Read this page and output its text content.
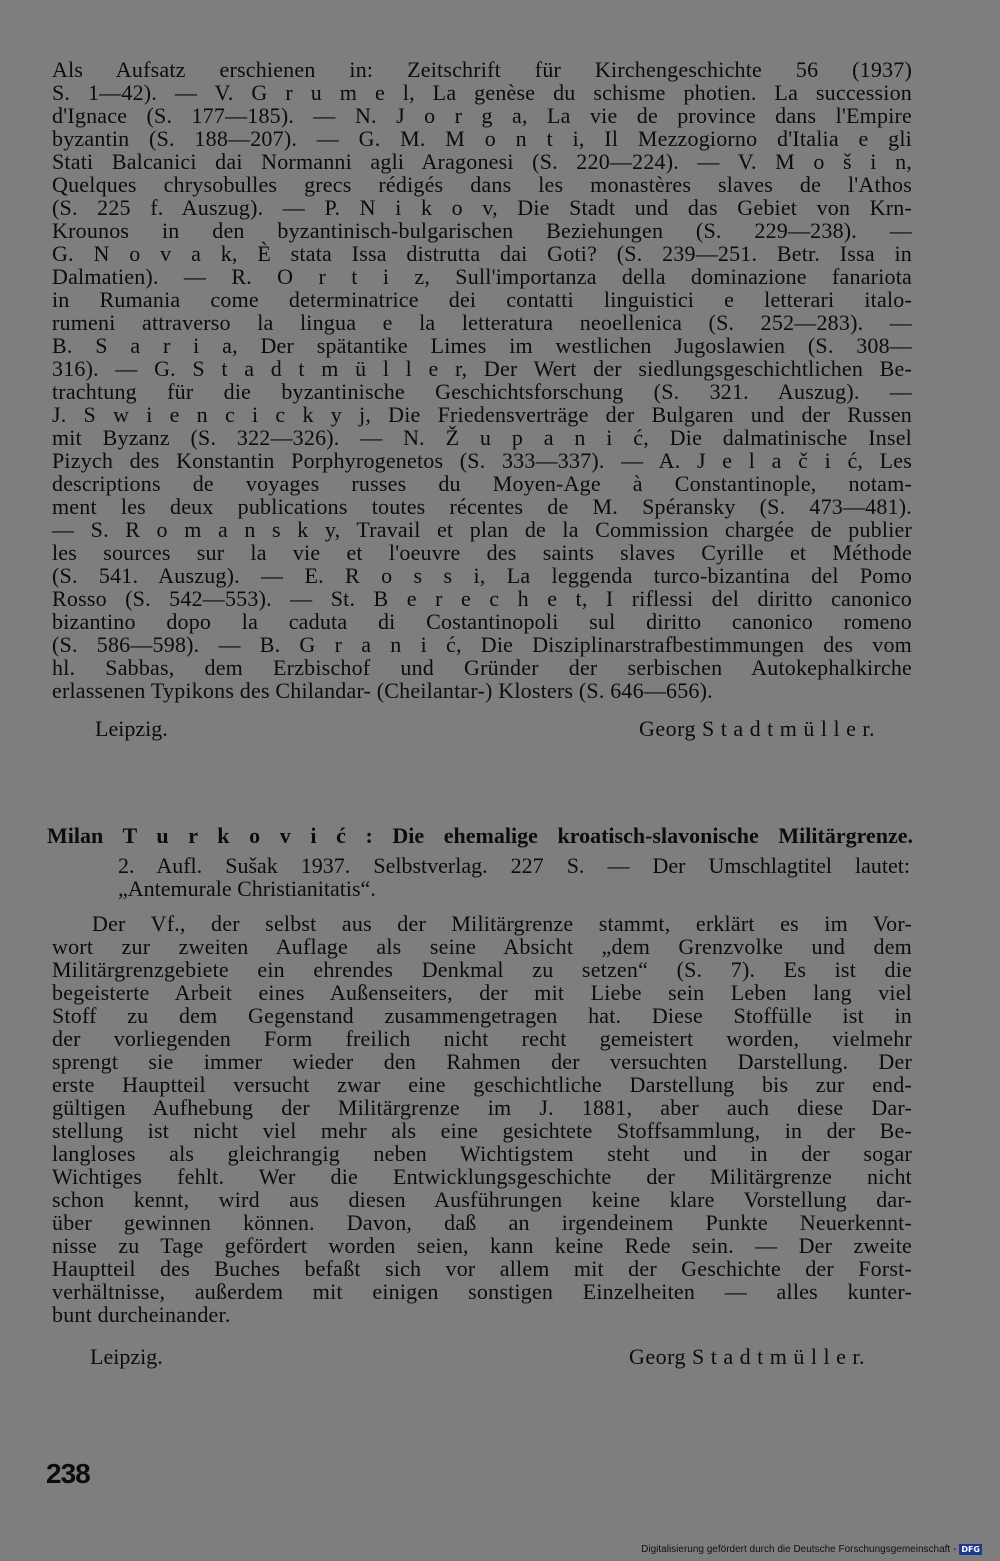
Als Aufsatz erschienen in: Zeitschrift für Kirchengeschichte 56 (1937)
S. 1—42). — V. G r u m e l, La genèse du schisme photien. La succession
d'Ignace (S. 177—185). — N. J o r g a, La vie de province dans l'Empire
byzantin (S. 188—207). — G. M. M o n t i, Il Mezzogiorno d'Italia e gli
Stati Balcanici dai Normanni agli Aragonesi (S. 220—224). — V. M o š i n,
Quelques chrysobulles grecs rédigés dans les monastères slaves de l'Athos
(S. 225 f. Auszug). — P. N i k o v, Die Stadt und das Gebiet von Krn-
Krounos in den byzantinisch-bulgarischen Beziehungen (S. 229—238). —
G. N o v a k, È stata Issa distrutta dai Goti? (S. 239—251. Betr. Issa in
Dalmatien). — R. O r t i z, Sull'importanza della dominazione fanariota
in Rumania come determinatrice dei contatti linguistici e letterari italo-
rumeni attraverso la lingua e la letteratura neoellenica (S. 252—283). —
B. S a r i a, Der spätantike Limes im westlichen Jugoslawien (S. 308—
316). — G. S t a d t m ü l l e r, Der Wert der siedlungsgeschichtlichen Be-
trachtung für die byzantinische Geschichtsforschung (S. 321. Auszug). —
J. S w i e n c i c k y j, Die Friedensverträge der Bulgaren und der Russen
mit Byzanz (S. 322—326). — N. Ž u p a n i ć, Die dalmatinische Insel
Pizych des Konstantin Porphyrogenetos (S. 333—337). — A. J e l a č i ć, Les
descriptions de voyages russes du Moyen-Age à Constantinople, notam-
ment les deux publications toutes récentes de M. Spéransky (S. 473—481).
— S. R o m a n s k y, Travail et plan de la Commission chargée de publier
les sources sur la vie et l'oeuvre des saints slaves Cyrille et Méthode
(S. 541. Auszug). — E. R o s s i, La leggenda turco-bizantina del Pomo
Rosso (S. 542—553). — St. B e r e c h e t, I riflessi del diritto canonico
bizantino dopo la caduta di Costantinopoli sul diritto canonico romeno
(S. 586—598). — B. G r a n i ć, Die Disziplinarstrafbestimmungen des vom
hl. Sabbas, dem Erzbischof und Gründer der serbischen Autokephalkirche
erlassenen Typikons des Chilandar- (Cheilantar-) Klosters (S. 646—656).
Leipzig.	Georg S t a d t m ü l l e r.
Milan T u r k o v i ć : Die ehemalige kroatisch-slavonische Militärgrenze.
2. Aufl. Sušak 1937. Selbstverlag. 227 S. — Der Umschlagtitel lautet:
„Antemurale Christianitatis“.
Der Vf., der selbst aus der Militärgrenze stammt, erklärt es im Vor-
wort zur zweiten Auflage als seine Absicht „dem Grenzvolke und dem
Militärgrenzgebiete ein ehrendes Denkmal zu setzen“ (S. 7). Es ist die
begeisterte Arbeit eines Außenseiters, der mit Liebe sein Leben lang viel
Stoff zu dem Gegenstand zusammengetragen hat. Diese Stoffülle ist in
der vorliegenden Form freilich nicht recht gemeistert worden, vielmehr
sprengt sie immer wieder den Rahmen der versuchten Darstellung. Der
erste Hauptteil versucht zwar eine geschichtliche Darstellung bis zur end-
gültigen Aufhebung der Militärgrenze im J. 1881, aber auch diese Dar-
stellung ist nicht viel mehr als eine gesichtete Stoffsammlung, in der Be-
langloses als gleichrangig neben Wichtigstem steht und in der sogar
Wichtiges fehlt. Wer die Entwicklungsgeschichte der Militärgrenze nicht
schon kennt, wird aus diesen Ausführungen keine klare Vorstellung dar-
über gewinnen können. Davon, daß an irgendeinem Punkte Neuerkennt-
nisse zu Tage gefördert worden seien, kann keine Rede sein. — Der zweite
Hauptteil des Buches befaßt sich vor allem mit der Geschichte der Forst-
verhältnisse, außerdem mit einigen sonstigen Einzelheiten — alles kunter-
bunt durcheinander.
Leipzig.	Georg S t a d t m ü l l e r.
238
Digitalisierung gefördert durch die Deutsche Forschungsgemeinschaft - DFG
